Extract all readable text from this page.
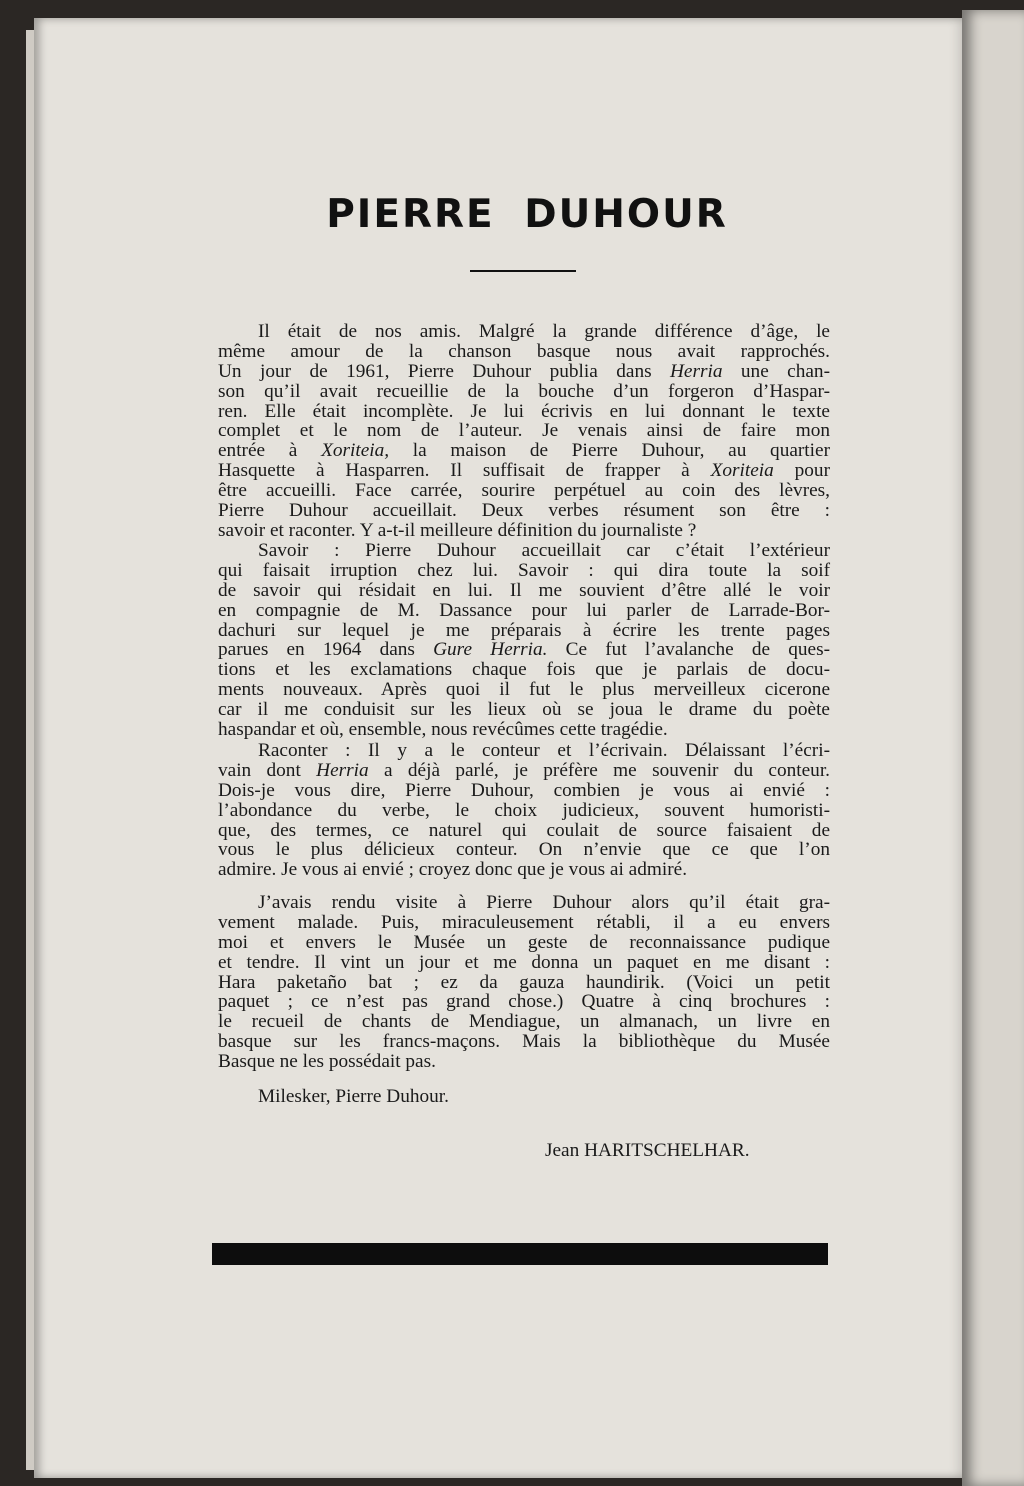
PIERRE DUHOUR
Il était de nos amis. Malgré la grande différence d’âge, le
même amour de la chanson basque nous avait rapprochés.
Un jour de 1961, Pierre Duhour publia dans Herria une chan-
son qu’il avait recueillie de la bouche d’un forgeron d’Haspar-
ren. Elle était incomplète. Je lui écrivis en lui donnant le texte
complet et le nom de l’auteur. Je venais ainsi de faire mon
entrée à Xoriteia, la maison de Pierre Duhour, au quartier
Hasquette à Hasparren. Il suffisait de frapper à Xoriteia pour
être accueilli. Face carrée, sourire perpétuel au coin des lèvres,
Pierre Duhour accueillait. Deux verbes résument son être :
savoir et raconter. Y a-t-il meilleure définition du journaliste ?
Savoir : Pierre Duhour accueillait car c’était l’extérieur
qui faisait irruption chez lui. Savoir : qui dira toute la soif
de savoir qui résidait en lui. Il me souvient d’être allé le voir
en compagnie de M. Dassance pour lui parler de Larrade-Bor-
dachuri sur lequel je me préparais à écrire les trente pages
parues en 1964 dans Gure Herria. Ce fut l’avalanche de ques-
tions et les exclamations chaque fois que je parlais de docu-
ments nouveaux. Après quoi il fut le plus merveilleux cicerone
car il me conduisit sur les lieux où se joua le drame du poète
haspandar et où, ensemble, nous revécûmes cette tragédie.
Raconter : Il y a le conteur et l’écrivain. Délaissant l’écri-
vain dont Herria a déjà parlé, je préfère me souvenir du conteur.
Dois-je vous dire, Pierre Duhour, combien je vous ai envié :
l’abondance du verbe, le choix judicieux, souvent humoristi-
que, des termes, ce naturel qui coulait de source faisaient de
vous le plus délicieux conteur. On n’envie que ce que l’on
admire. Je vous ai envié ; croyez donc que je vous ai admiré.
J’avais rendu visite à Pierre Duhour alors qu’il était gra-
vement malade. Puis, miraculeusement rétabli, il a eu envers
moi et envers le Musée un geste de reconnaissance pudique
et tendre. Il vint un jour et me donna un paquet en me disant :
Hara paketaño bat ; ez da gauza haundirik. (Voici un petit
paquet ; ce n’est pas grand chose.) Quatre à cinq brochures :
le recueil de chants de Mendiague, un almanach, un livre en
basque sur les francs-maçons. Mais la bibliothèque du Musée
Basque ne les possédait pas.
Milesker, Pierre Duhour.
Jean HARITSCHELHAR.
